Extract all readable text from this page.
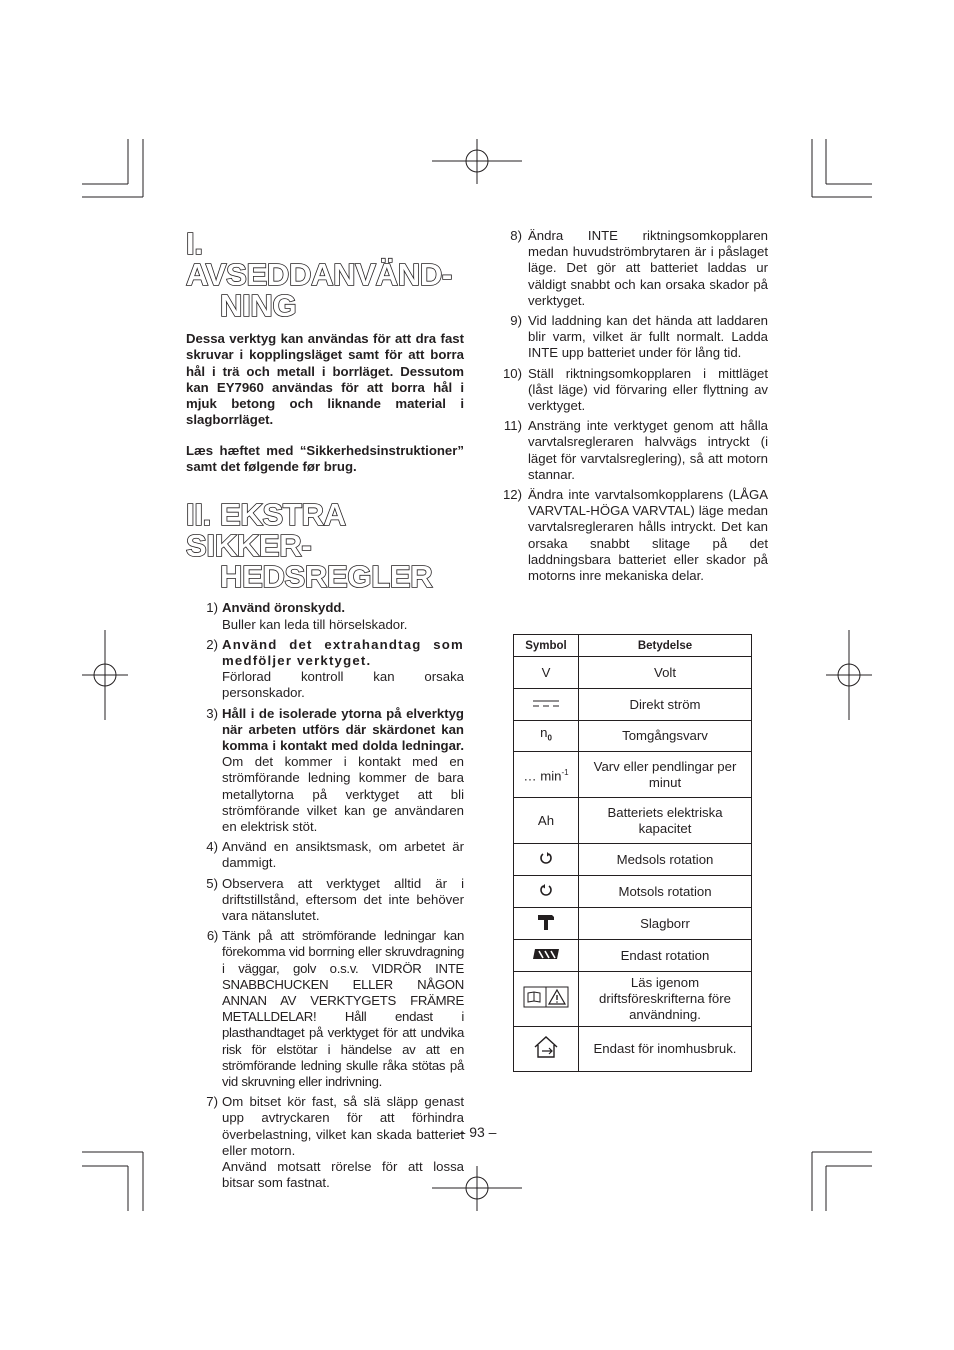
I.AVSEDDANVÄND-
NING

Dessa verktyg kan användas för att dra fast skruvar i kopplingsläget samt för att borra hål i trä och metall i borrläget. Dessutom kan EY7960 användas för att borra hål i mjuk betong och liknande material i slagborrläget.

Læs hæftet med “Sikkerhedsinstruktioner” samt det følgende før brug.

II. EKSTRA SIKKER-
HEDSREGLER
1) Använd öronskydd.
Buller kan leda till hörselskador.
2) Använd det extrahandtag som medföljer verktyget.
Förlorad kontroll kan orsaka personskador.
3) Håll i de isolerade ytorna på elverktyg när arbeten utförs där skärdonet kan komma i kontakt med dolda ledningar. Om det kommer i kontakt med en strömförande ledning kommer de bara metallytorna på verktyget att bli strömförande vilket kan ge användaren en elektrisk stöt.
4) Använd en ansiktsmask, om arbetet är dammigt.
5) Observera att verktyget alltid är i driftstillstånd, eftersom det inte behöver vara nätanslutet.
6) Tänk på att strömförande ledningar kan förekomma vid borrning eller skruvdragning i väggar, golv o.s.v. VIDRÖR INTE SNABBCHUCKEN ELLER NÅGON ANNAN AV VERKTYGETS FRÄMRE METALLDELAR! Håll endast i plasthandtaget på verktyget för att undvika risk för elstötar i händelse av att en strömförande ledning skulle råka stötas på vid skruvning eller indrivning.
7) Om bitset kör fast, så slä släpp genast upp avtryckaren för att förhindra överbelastning, vilket kan skada batteriet eller motorn.
Använd motsatt rörelse för att lossa bitsar som fastnat.
8) Ändra INTE riktningsomkopplaren medan huvudströmbrytaren är i påslaget läge. Det gör att batteriet laddas ur väldigt snabbt och kan orsaka skador på verktyget.
9) Vid laddning kan det hända att laddaren blir varm, vilket är fullt normalt. Ladda INTE upp batteriet under för lång tid.
10) Ställ riktningsomkopplaren i mittläget (låst läge) vid förvaring eller flyttning av verktyget.
11) Ansträng inte verktyget genom att hålla varvtalsregleraren halvvägs intryckt (i läget för varvtalsreglering), så att motorn stannar.
12) Ändra inte varvtalsomkopplarens (LÅGA VARVTAL-HÖGA VARVTAL) läge medan varvtalsregleraren hålls intryckt. Det kan orsaka snabbt slitage på det laddningsbara batteriet eller skador på motorns inre mekaniska delar.
Symbol	Betydelse
V	Volt
	Direkt ström
$n_0$	Tomgångsvarv
… $\min^{-1}$	Varv eller pendlingar per minut
Ah	Batteriets elektriska kapacitet
	Medsols rotation
	Motsols rotation
	Slagborr
	Endast rotation
	Läs igenom driftsföreskrifterna före användning.
	Endast för inomhusbruk.
– 93 –
